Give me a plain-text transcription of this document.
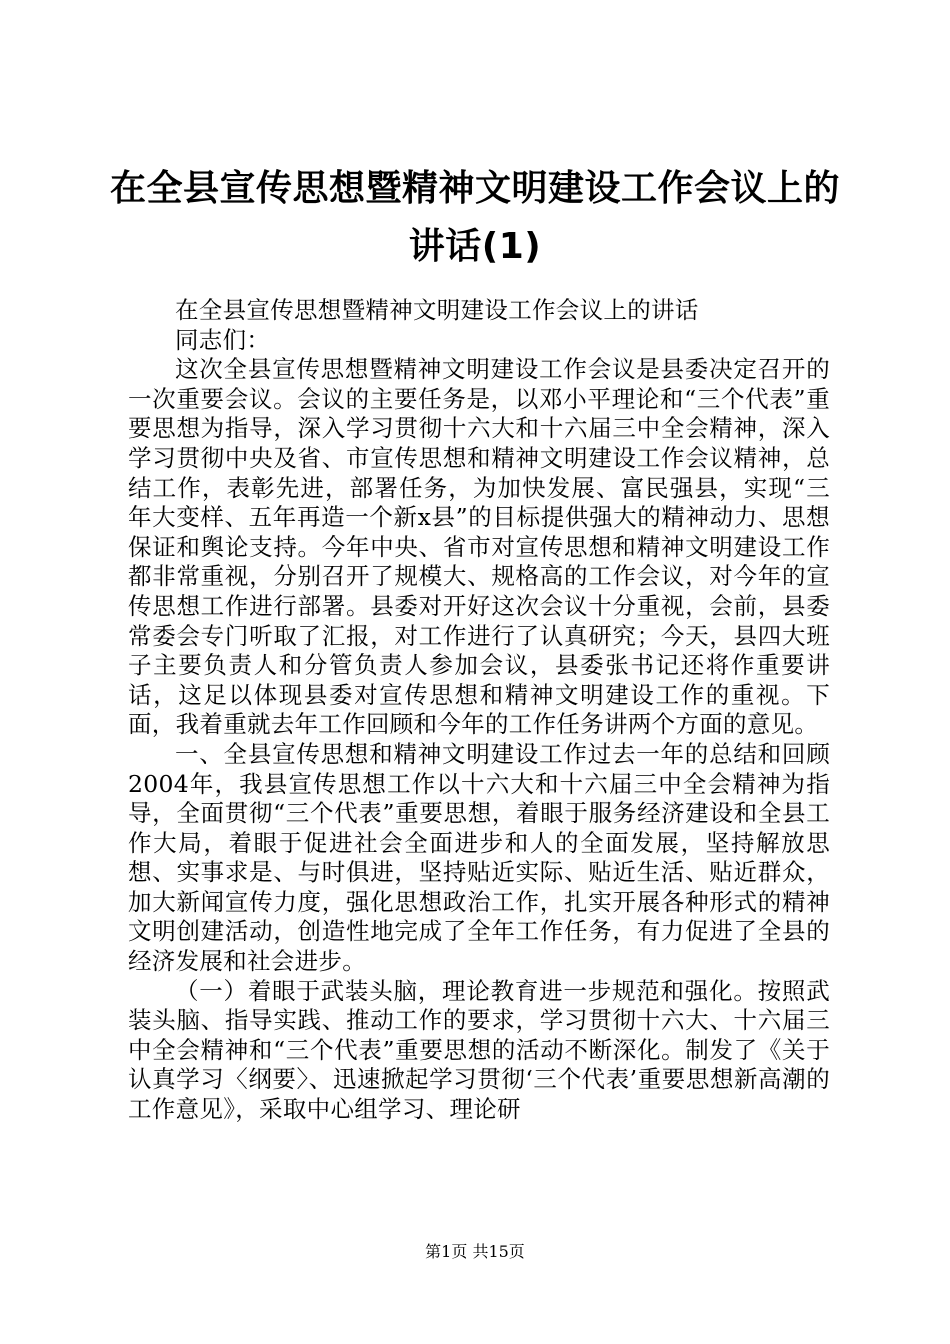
在全县宣传思想暨精神文明建设工作会议上的讲话(1)

在全县宣传思想暨精神文明建设工作会议上的讲话

同志们：

这次全县宣传思想暨精神文明建设工作会议是县委决定召开的一次重要会议。会议的主要任务是，以邓小平理论和“三个代表”重要思想为指导，深入学习贯彻十六大和十六届三中全会精神，深入学习贯彻中央及省、市宣传思想和精神文明建设工作会议精神，总结工作，表彰先进，部署任务，为加快发展、富民强县，实现“三年大变样、五年再造一个新x县”的目标提供强大的精神动力、思想保证和舆论支持。今年中央、省市对宣传思想和精神文明建设工作都非常重视，分别召开了规模大、规格高的工作会议，对今年的宣传思想工作进行部署。县委对开好这次会议十分重视，会前，县委常委会专门听取了汇报，对工作进行了认真研究；今天，县四大班子主要负责人和分管负责人参加会议，县委张书记还将作重要讲话，这足以体现县委对宣传思想和精神文明建设工作的重视。下面，我着重就去年工作回顾和今年的工作任务讲两个方面的意见。

一、全县宣传思想和精神文明建设工作过去一年的总结和回顾2004年，我县宣传思想工作以十六大和十六届三中全会精神为指导，全面贯彻“三个代表”重要思想，着眼于服务经济建设和全县工作大局，着眼于促进社会全面进步和人的全面发展，坚持解放思想、实事求是、与时俱进，坚持贴近实际、贴近生活、贴近群众，加大新闻宣传力度，强化思想政治工作，扎实开展各种形式的精神文明创建活动，创造性地完成了全年工作任务，有力促进了全县的经济发展和社会进步。

（一）着眼于武装头脑，理论教育进一步规范和强化。按照武装头脑、指导实践、推动工作的要求，学习贯彻十六大、十六届三中全会精神和“三个代表”重要思想的活动不断深化。制发了《关于认真学习〈纲要〉、迅速掀起学习贯彻‘三个代表’重要思想新高潮的工作意见》，采取中心组学习、理论研

第1页 共15页
